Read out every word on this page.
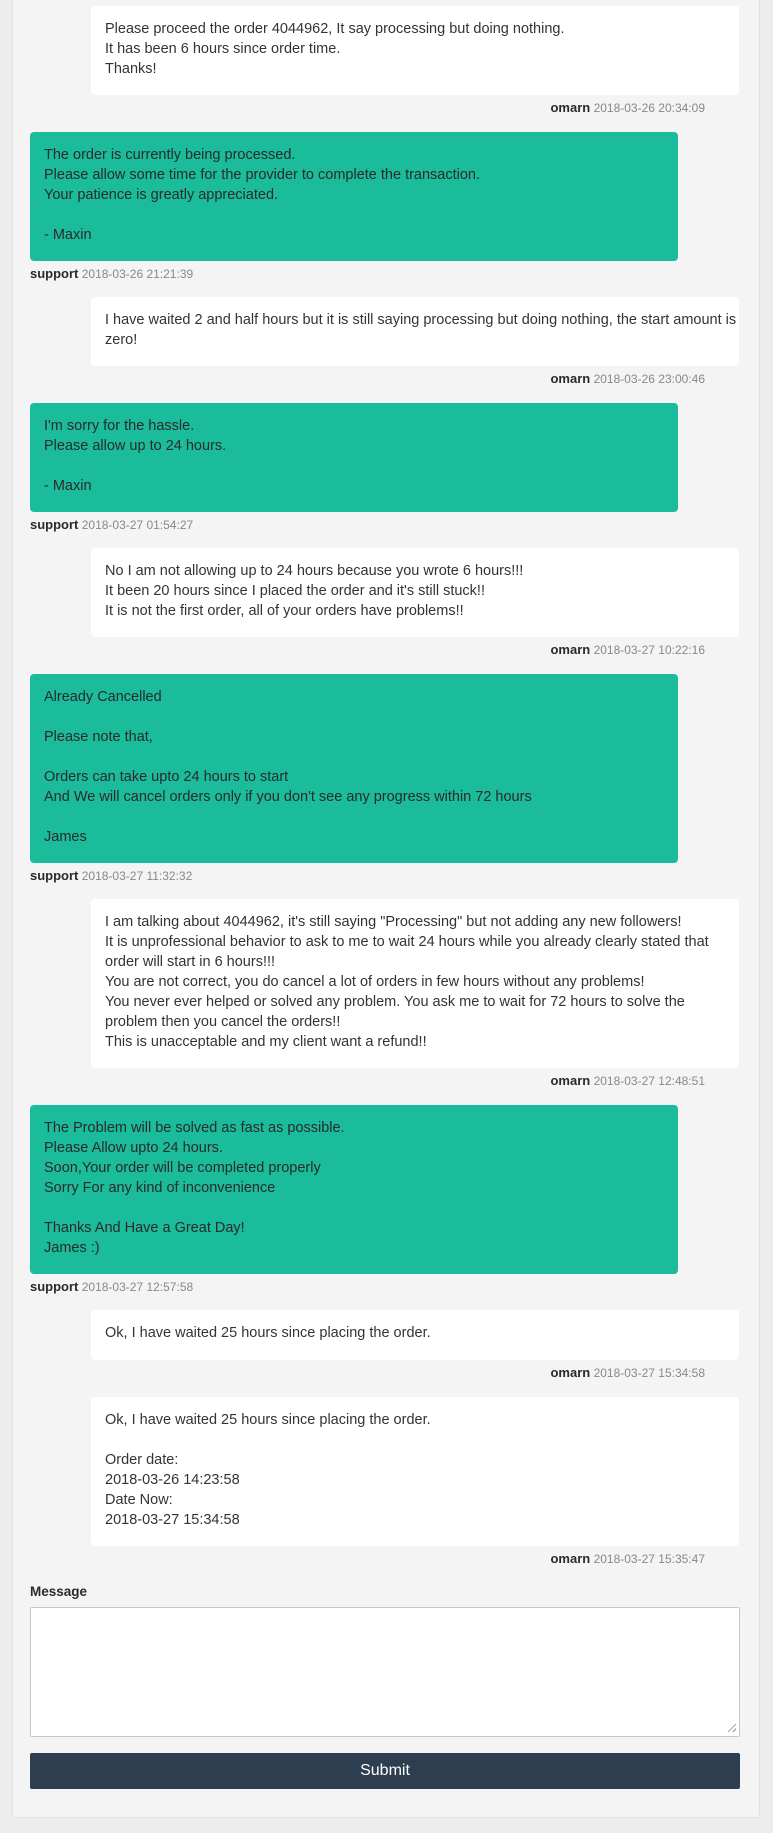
Please proceed the order 4044962, It say processing but doing nothing.
It has been 6 hours since order time.
Thanks!
omarn 2018-03-26 20:34:09
The order is currently being processed.
Please allow some time for the provider to complete the transaction.
Your patience is greatly appreciated.
- Maxin
support 2018-03-26 21:21:39
I have waited 2 and half hours but it is still saying processing but doing nothing, the start amount is
zero!
omarn 2018-03-26 23:00:46
I'm sorry for the hassle.
Please allow up to 24 hours.
- Maxin
support 2018-03-27 01:54:27
No I am not allowing up to 24 hours because you wrote 6 hours!!!
It been 20 hours since I placed the order and it's still stuck!!
It is not the first order, all of your orders have problems!!
omarn 2018-03-27 10:22:16
Already Cancelled
Please note that,
Orders can take upto 24 hours to start
And We will cancel orders only if you don't see any progress within 72 hours
James
support 2018-03-27 11:32:32
I am talking about 4044962, it's still saying "Processing" but not adding any new followers!
It is unprofessional behavior to ask to me to wait 24 hours while you already clearly stated that
order will start in 6 hours!!!
You are not correct, you do cancel a lot of orders in few hours without any problems!
You never ever helped or solved any problem. You ask me to wait for 72 hours to solve the
problem then you cancel the orders!!
This is unacceptable and my client want a refund!!
omarn 2018-03-27 12:48:51
The Problem will be solved as fast as possible.
Please Allow upto 24 hours.
Soon,Your order will be completed properly
Sorry For any kind of inconvenience
Thanks And Have a Great Day!
James :)
support 2018-03-27 12:57:58
Ok, I have waited 25 hours since placing the order.
omarn 2018-03-27 15:34:58
Ok, I have waited 25 hours since placing the order.
Order date:
2018-03-26 14:23:58
Date Now:
2018-03-27 15:34:58
omarn 2018-03-27 15:35:47
Message
Submit
